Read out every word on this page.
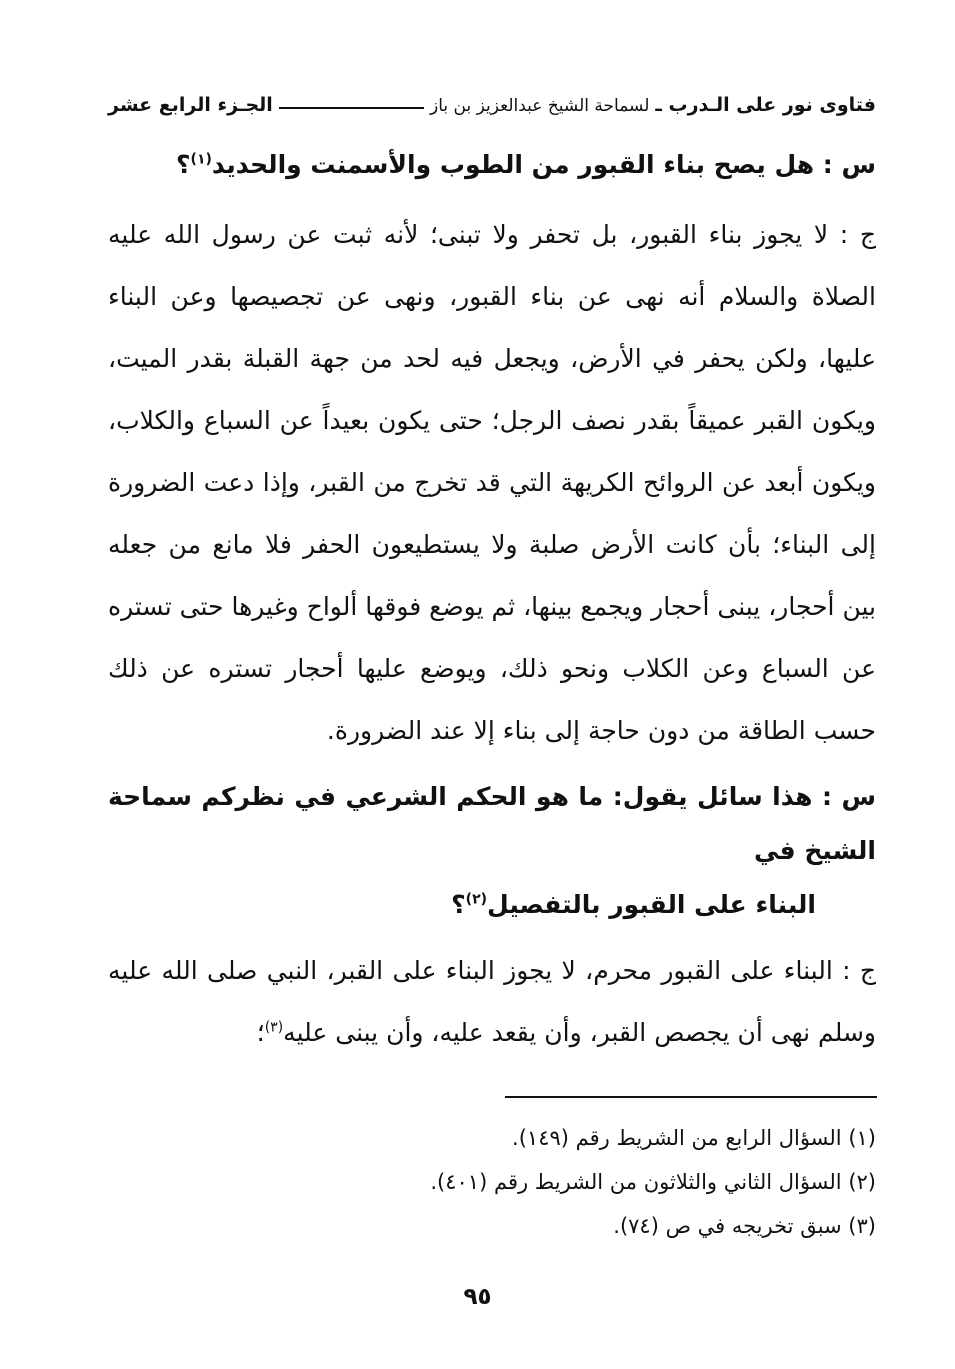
فتاوى نور على الـدرب ـ
لسماحة الشيخ عبدالعزيز بن باز
الجـزء الرابع عشر

س : هل يصح بناء القبور من الطوب والأسمنت والحديد$^{(١)}$؟

ج : لا يجوز بناء القبور، بل تحفر ولا تبنى؛ لأنه ثبت عن رسول الله عليه الصلاة والسلام أنه نهى عن بناء القبور، ونهى عن تجصيصها وعن البناء عليها، ولكن يحفر في الأرض، ويجعل فيه لحد من جهة القبلة بقدر الميت، ويكون القبر عميقاً بقدر نصف الرجل؛ حتى يكون بعيداً عن السباع والكلاب، ويكون أبعد عن الروائح الكريهة التي قد تخرج من القبر، وإذا دعت الضرورة إلى البناء؛ بأن كانت الأرض صلبة ولا يستطيعون الحفر فلا مانع من جعله بين أحجار، يبنى أحجار ويجمع بينها، ثم يوضع فوقها ألواح وغيرها حتى تستره عن السباع وعن الكلاب ونحو ذلك، ويوضع عليها أحجار تستره عن ذلك حسب الطاقة من دون حاجة إلى بناء إلا عند الضرورة.

س : هذا سائل يقول: ما هو الحكم الشرعي في نظركم سماحة الشيخ في
البناء على القبور بالتفصيل$^{(٢)}$؟

ج : البناء على القبور محرم، لا يجوز البناء على القبر، النبي صلى الله عليه وسلم نهى أن يجصص القبر، وأن يقعد عليه، وأن يبنى عليه$^{(٣)}$؛

(١) السؤال الرابع من الشريط رقم (١٤٩).

(٢) السؤال الثاني والثلاثون من الشريط رقم (٤٠١).

(٣) سبق تخريجه في ص (٧٤).

٩٥
